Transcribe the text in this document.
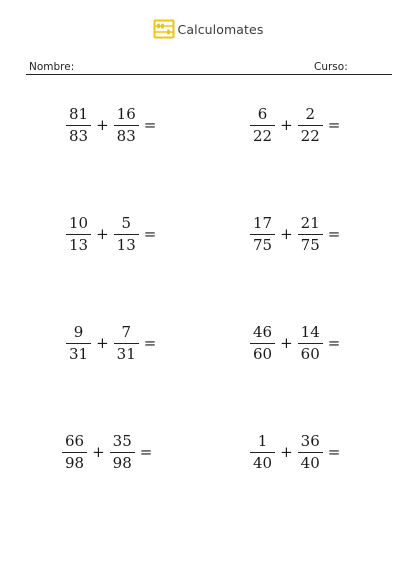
Calculomates
Nombre:	Curso:
$\frac{81}{83} + \frac{16}{83}$ =	$\frac{6}{22} + \frac{2}{22}$ =
$\frac{10}{13} + \frac{5}{13}$ =	$\frac{17}{75} + \frac{21}{75}$ =
$\frac{9}{31} + \frac{7}{31}$ =	$\frac{46}{60} + \frac{14}{60}$ =
$\frac{66}{98} + \frac{35}{98}$ =	$\frac{1}{40} + \frac{36}{40}$ =
